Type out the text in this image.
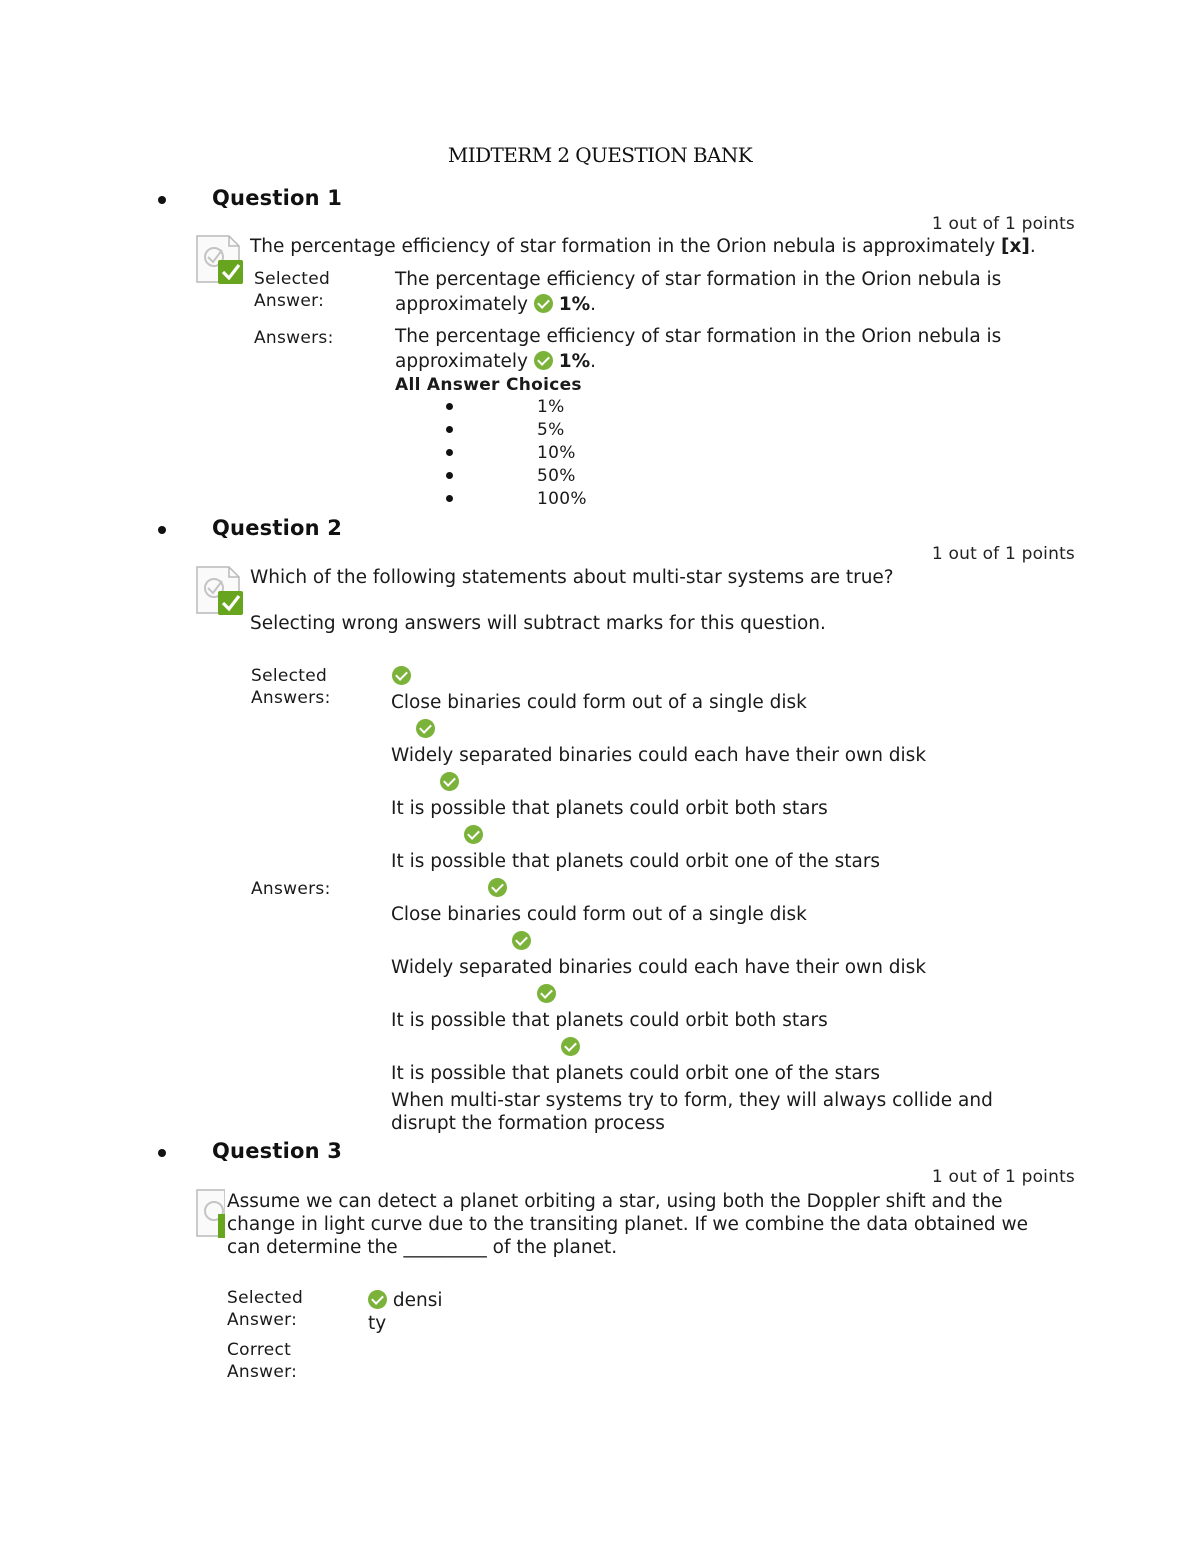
MIDTERM 2 QUESTION BANK
Question 1
1 out of 1 points
The percentage efficiency of star formation in the Orion nebula is approximately [x].
Selected
Answer:
The percentage efficiency of star formation in the Orion nebula is
approximately 1%.
Answers:	The percentage efficiency of star formation in the Orion nebula is
approximately 1%.
All Answer Choices
1%
5%
10%
50%
100%
Question 2
1 out of 1 points
Which of the following statements about multi-star systems are true?
Selecting wrong answers will subtract marks for this question.
Selected
Answers:
	Close binaries could form out of a single disk

Widely separated binaries could each have their own disk

It is possible that planets could orbit both stars

It is possible that planets could orbit one of the stars
Answers:

Close binaries could form out of a single disk

Widely separated binaries could each have their own disk

It is possible that planets could orbit both stars
It is possible that planets could orbit one of the stars
When multi-star systems try to form, they will always collide and
disrupt the formation process
Question 3
1 out of 1 points
Assume we can detect a planet orbiting a star, using both the Doppler shift and the
change in light curve due to the transiting planet. If we combine the data obtained we
can determine the _________ of the planet.
Selected
Answer:
densi
ty
Correct
Answer:
